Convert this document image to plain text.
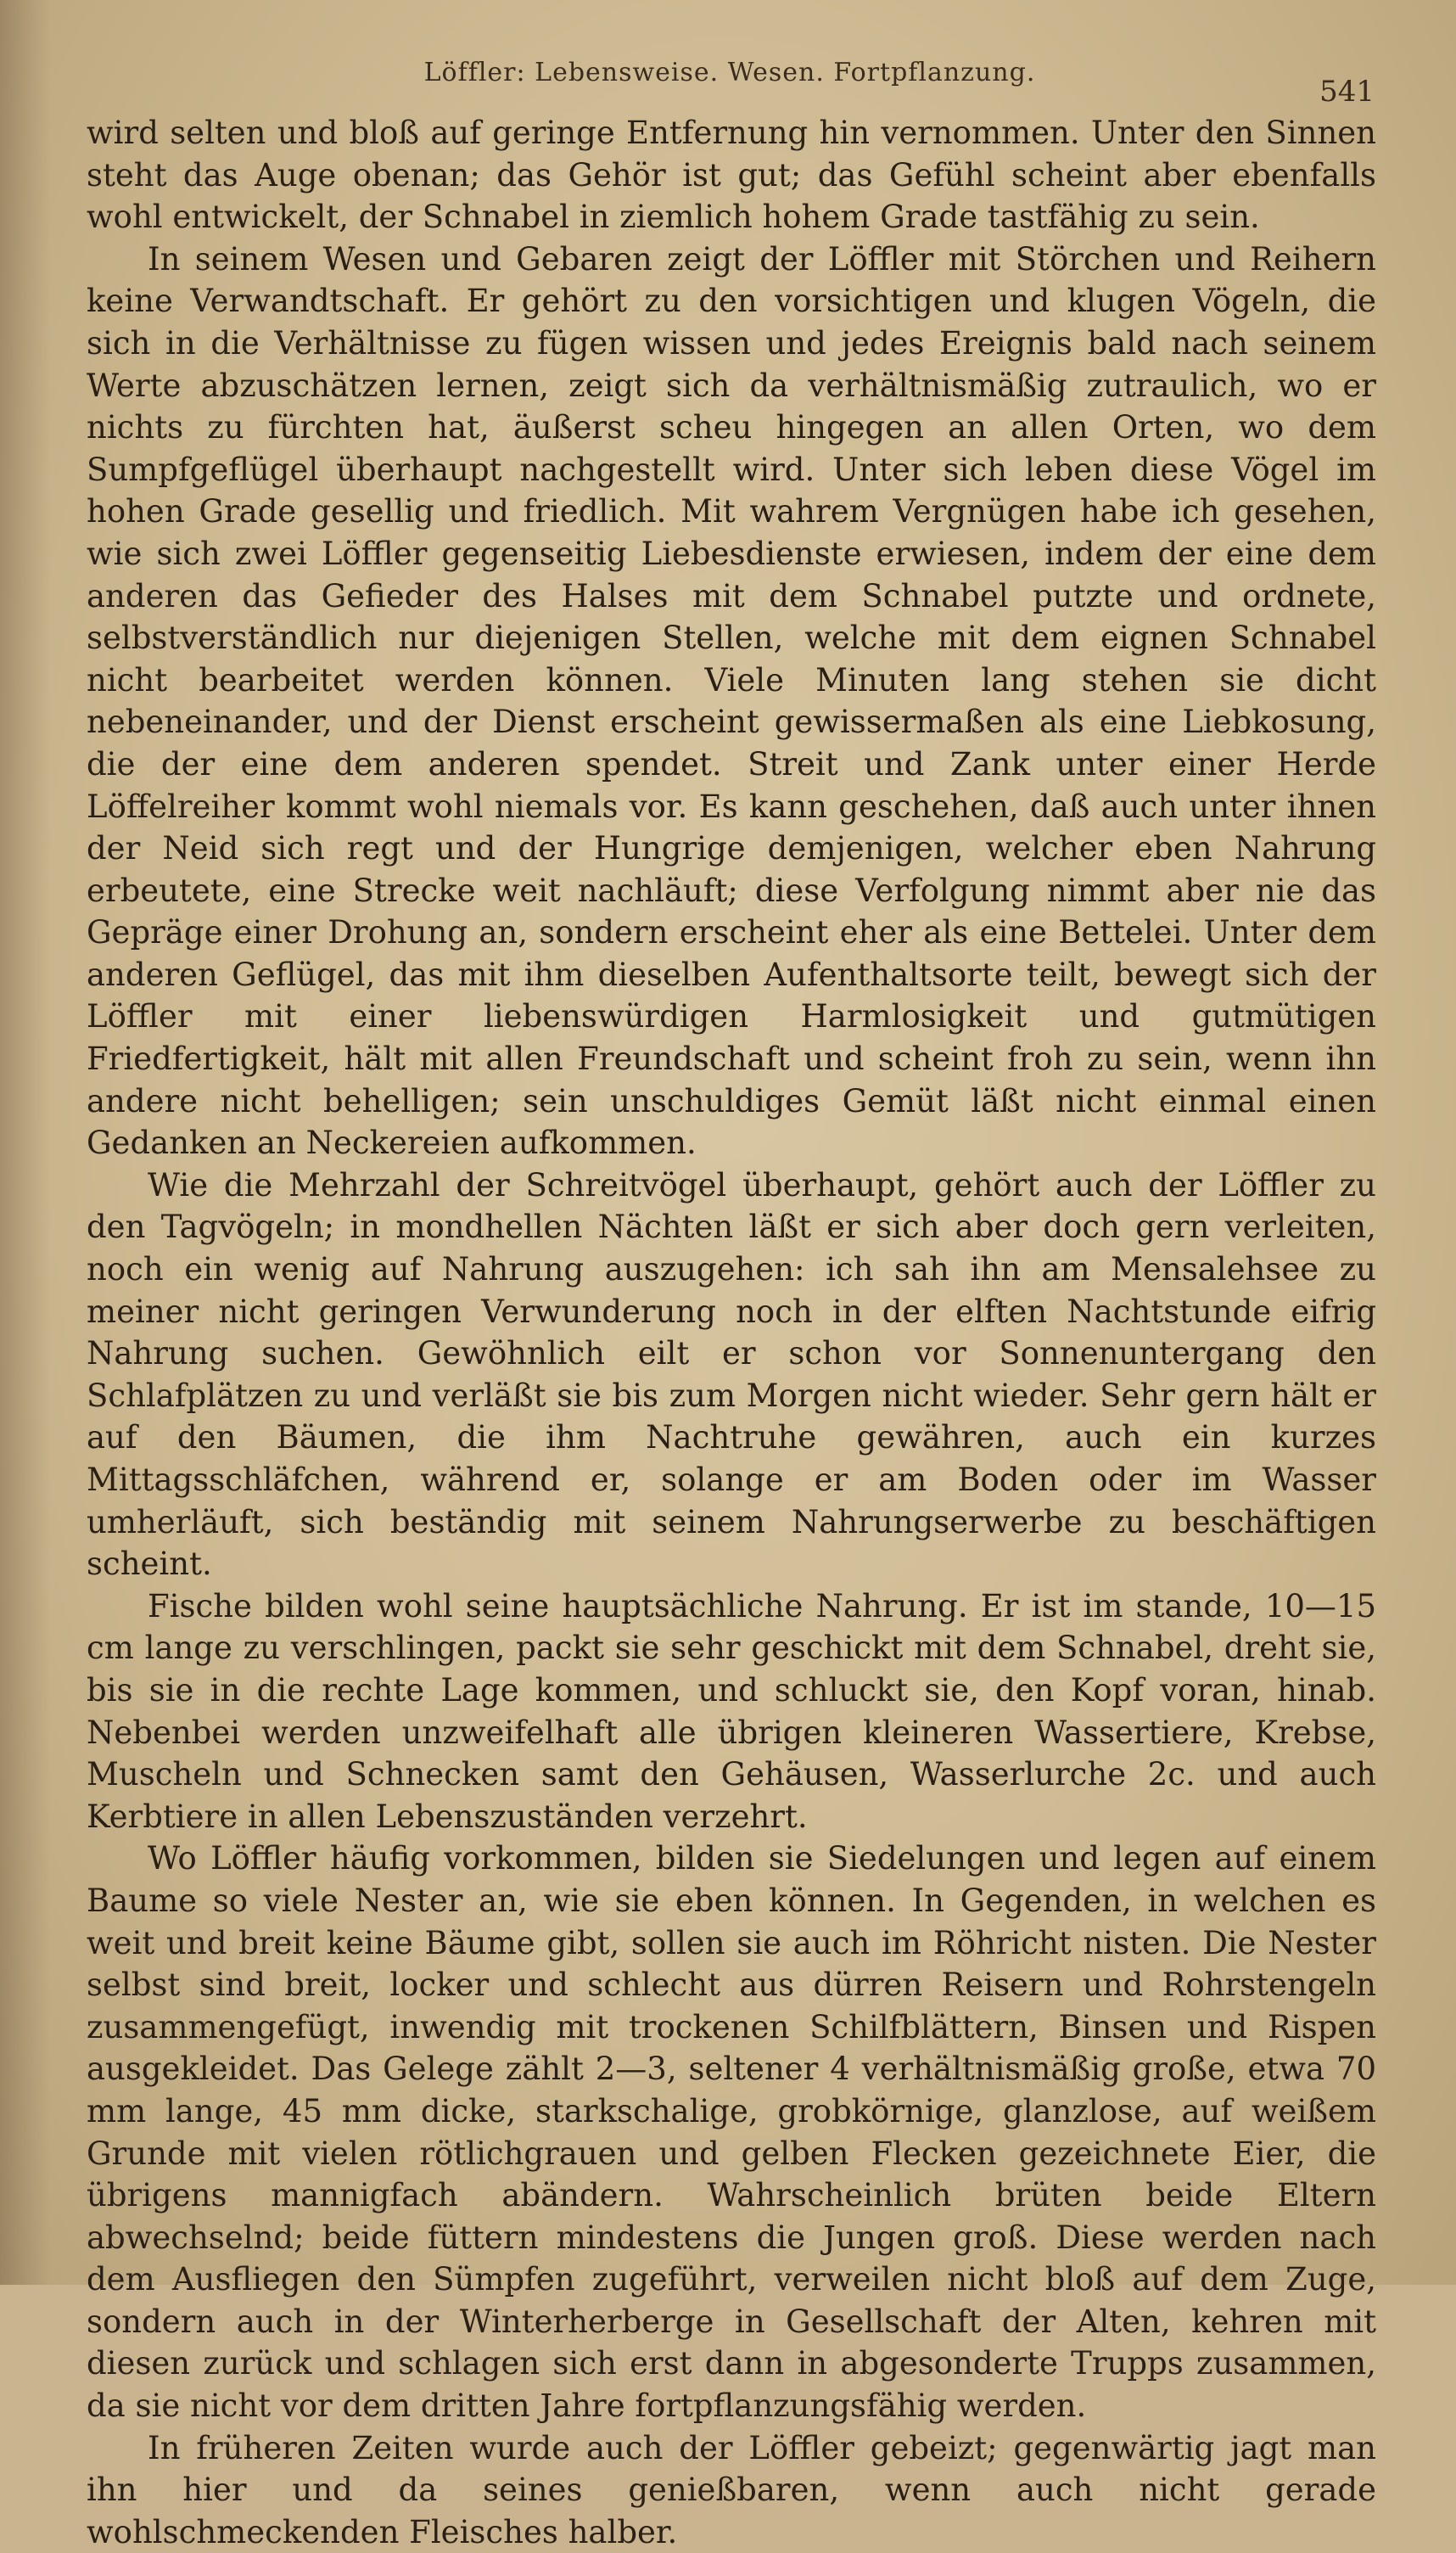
Löffler: Lebensweise. Wesen. Fortpflanzung.
541

wird selten und bloß auf geringe Entfernung hin vernommen. Unter den Sinnen steht das Auge obenan; das Gehör ist gut; das Gefühl scheint aber ebenfalls wohl entwickelt, der Schnabel in ziemlich hohem Grade tastfähig zu sein.

In seinem Wesen und Gebaren zeigt der Löffler mit Störchen und Reihern keine Verwandtschaft. Er gehört zu den vorsichtigen und klugen Vögeln, die sich in die Verhältnisse zu fügen wissen und jedes Ereignis bald nach seinem Werte abzuschätzen lernen, zeigt sich da verhältnismäßig zutraulich, wo er nichts zu fürchten hat, äußerst scheu hingegen an allen Orten, wo dem Sumpfgeflügel überhaupt nachgestellt wird. Unter sich leben diese Vögel im hohen Grade gesellig und friedlich. Mit wahrem Vergnügen habe ich gesehen, wie sich zwei Löffler gegenseitig Liebesdienste erwiesen, indem der eine dem anderen das Gefieder des Halses mit dem Schnabel putzte und ordnete, selbstverständlich nur diejenigen Stellen, welche mit dem eignen Schnabel nicht bearbeitet werden können. Viele Minuten lang stehen sie dicht nebeneinander, und der Dienst erscheint gewissermaßen als eine Liebkosung, die der eine dem anderen spendet. Streit und Zank unter einer Herde Löffelreiher kommt wohl niemals vor. Es kann geschehen, daß auch unter ihnen der Neid sich regt und der Hungrige demjenigen, welcher eben Nahrung erbeutete, eine Strecke weit nachläuft; diese Verfolgung nimmt aber nie das Gepräge einer Drohung an, sondern erscheint eher als eine Bettelei. Unter dem anderen Geflügel, das mit ihm dieselben Aufenthaltsorte teilt, bewegt sich der Löffler mit einer liebenswürdigen Harmlosigkeit und gutmütigen Friedfertigkeit, hält mit allen Freundschaft und scheint froh zu sein, wenn ihn andere nicht behelligen; sein unschuldiges Gemüt läßt nicht einmal einen Gedanken an Neckereien aufkommen.

Wie die Mehrzahl der Schreitvögel überhaupt, gehört auch der Löffler zu den Tagvögeln; in mondhellen Nächten läßt er sich aber doch gern verleiten, noch ein wenig auf Nahrung auszugehen: ich sah ihn am Mensalehsee zu meiner nicht geringen Verwunderung noch in der elften Nachtstunde eifrig Nahrung suchen. Gewöhnlich eilt er schon vor Sonnenuntergang den Schlafplätzen zu und verläßt sie bis zum Morgen nicht wieder. Sehr gern hält er auf den Bäumen, die ihm Nachtruhe gewähren, auch ein kurzes Mittagsschläfchen, während er, solange er am Boden oder im Wasser umherläuft, sich beständig mit seinem Nahrungserwerbe zu beschäftigen scheint.

Fische bilden wohl seine hauptsächliche Nahrung. Er ist im stande, 10—15 cm lange zu verschlingen, packt sie sehr geschickt mit dem Schnabel, dreht sie, bis sie in die rechte Lage kommen, und schluckt sie, den Kopf voran, hinab. Nebenbei werden unzweifelhaft alle übrigen kleineren Wassertiere, Krebse, Muscheln und Schnecken samt den Gehäusen, Wasserlurche 2c. und auch Kerbtiere in allen Lebenszuständen verzehrt.

Wo Löffler häufig vorkommen, bilden sie Siedelungen und legen auf einem Baume so viele Nester an, wie sie eben können. In Gegenden, in welchen es weit und breit keine Bäume gibt, sollen sie auch im Röhricht nisten. Die Nester selbst sind breit, locker und schlecht aus dürren Reisern und Rohrstengeln zusammengefügt, inwendig mit trockenen Schilfblättern, Binsen und Rispen ausgekleidet. Das Gelege zählt 2—3, seltener 4 verhältnismäßig große, etwa 70 mm lange, 45 mm dicke, starkschalige, grobkörnige, glanzlose, auf weißem Grunde mit vielen rötlichgrauen und gelben Flecken gezeichnete Eier, die übrigens mannigfach abändern. Wahrscheinlich brüten beide Eltern abwechselnd; beide füttern mindestens die Jungen groß. Diese werden nach dem Ausfliegen den Sümpfen zugeführt, verweilen nicht bloß auf dem Zuge, sondern auch in der Winterherberge in Gesellschaft der Alten, kehren mit diesen zurück und schlagen sich erst dann in abgesonderte Trupps zusammen, da sie nicht vor dem dritten Jahre fortpflanzungsfähig werden.

In früheren Zeiten wurde auch der Löffler gebeizt; gegenwärtig jagt man ihn hier und da seines genießbaren, wenn auch nicht gerade wohlschmeckenden Fleisches halber.
